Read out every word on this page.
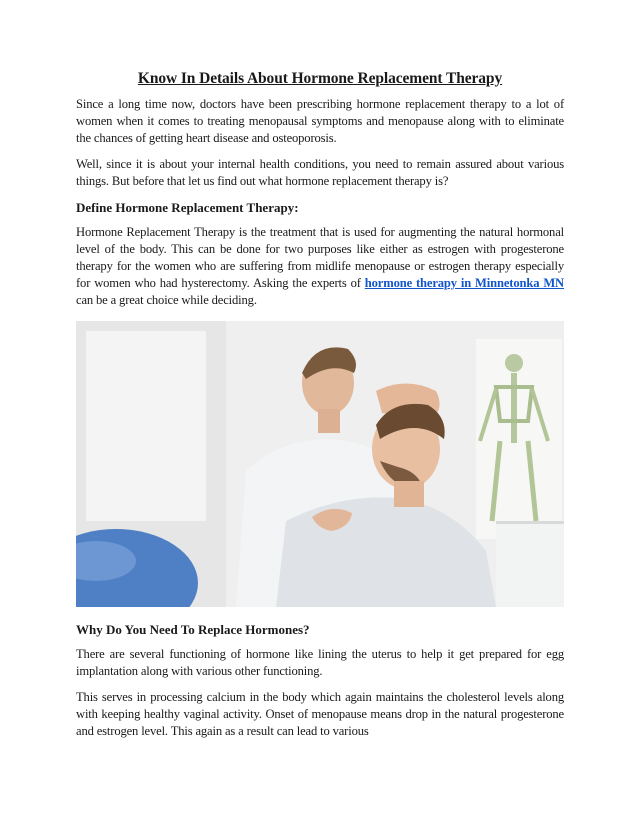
Know In Details About Hormone Replacement Therapy

Since a long time now, doctors have been prescribing hormone replacement therapy to a lot of women when it comes to treating menopausal symptoms and menopause along with to eliminate the chances of getting heart disease and osteoporosis.

Well, since it is about your internal health conditions, you need to remain assured about various things. But before that let us find out what hormone replacement therapy is?

Define Hormone Replacement Therapy:

Hormone Replacement Therapy is the treatment that is used for augmenting the natural hormonal level of the body. This can be done for two purposes like either as estrogen with progesterone therapy for the women who are suffering from midlife menopause or estrogen therapy especially for women who had hysterectomy. Asking the experts of hormone therapy in Minnetonka MN can be a great choice while deciding.

Why Do You Need To Replace Hormones?

There are several functioning of hormone like lining the uterus to help it get prepared for egg implantation along with various other functioning.

This serves in processing calcium in the body which again maintains the cholesterol levels along with keeping healthy vaginal activity. Onset of menopause means drop in the natural progesterone and estrogen level. This again as a result can lead to various
